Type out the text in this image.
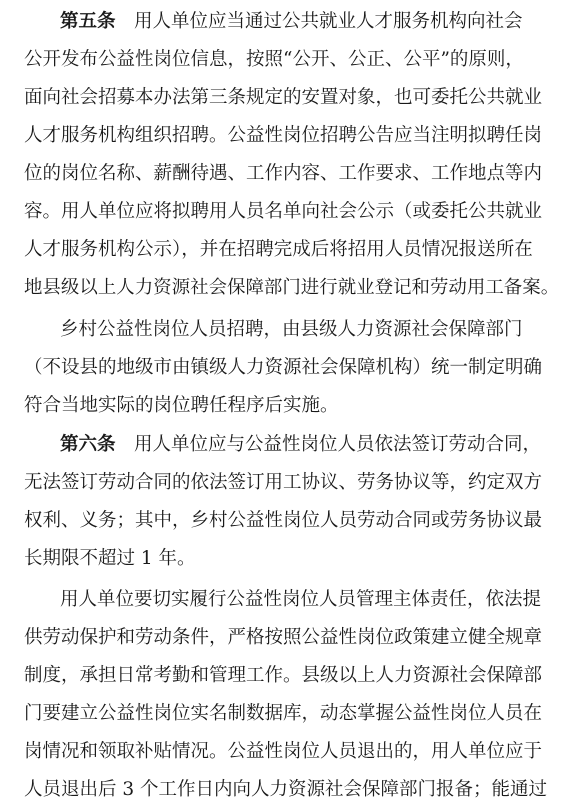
第五条　用人单位应当通过公共就业人才服务机构向社会
公开发布公益性岗位信息，按照“公开、公正、公平”的原则，
面向社会招募本办法第三条规定的安置对象，也可委托公共就业
人才服务机构组织招聘。公益性岗位招聘公告应当注明拟聘任岗
位的岗位名称、薪酬待遇、工作内容、工作要求、工作地点等内
容。用人单位应将拟聘用人员名单向社会公示（或委托公共就业
人才服务机构公示），并在招聘完成后将招用人员情况报送所在
地县级以上人力资源社会保障部门进行就业登记和劳动用工备案。
乡村公益性岗位人员招聘，由县级人力资源社会保障部门
（不设县的地级市由镇级人力资源社会保障机构）统一制定明确
符合当地实际的岗位聘任程序后实施。
第六条　用人单位应与公益性岗位人员依法签订劳动合同，
无法签订劳动合同的依法签订用工协议、劳务协议等，约定双方
权利、义务；其中，乡村公益性岗位人员劳动合同或劳务协议最
长期限不超过 1 年。
用人单位要切实履行公益性岗位人员管理主体责任，依法提
供劳动保护和劳动条件，严格按照公益性岗位政策建立健全规章
制度，承担日常考勤和管理工作。县级以上人力资源社会保障部
门要建立公益性岗位实名制数据库，动态掌握公益性岗位人员在
岗情况和领取补贴情况。公益性岗位人员退出的，用人单位应于
人员退出后 3 个工作日内向人力资源社会保障部门报备；能通过
